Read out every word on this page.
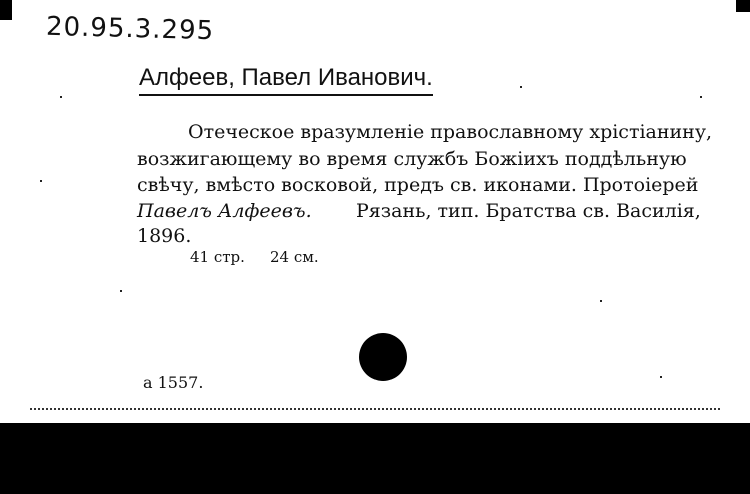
20.95.3.295
Алфеев, Павел Иванович.
Отеческое вразумленіе православному хрістіанину,
возжигающему во время службъ Божіихъ поддѣльную
свѣчу, вмѣсто восковой, предъ св. иконами. Протоіерей
Павелъ Алфеевъ. Рязань, тип. Братства св. Василія,
1896.
41 стр. 24 см.
а 1557.
